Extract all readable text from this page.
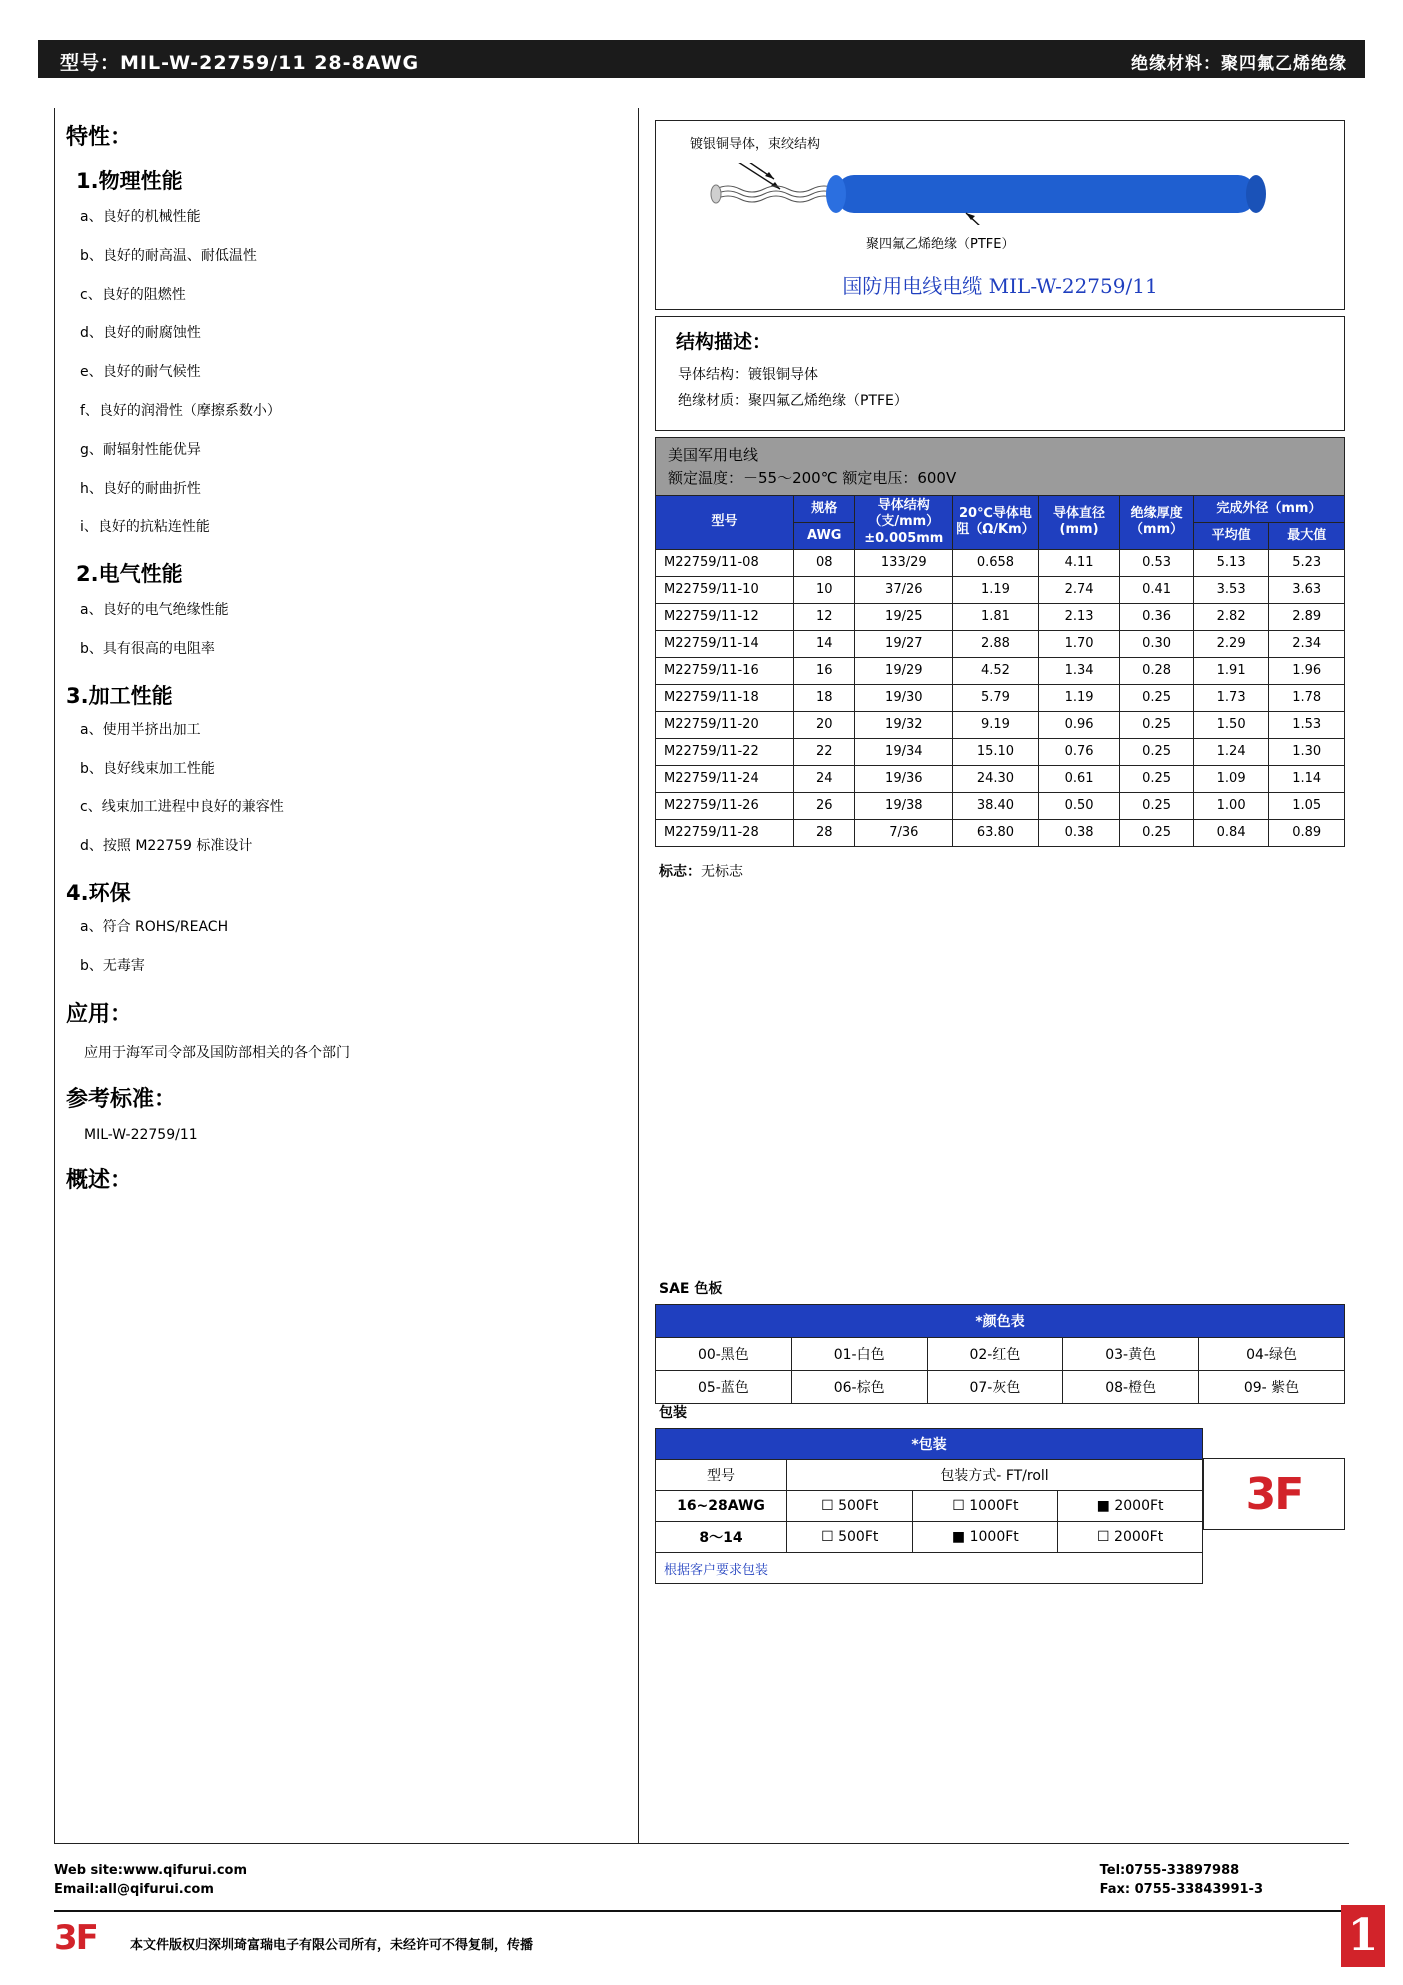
型号：MIL-W-22759/11 28-8AWG	绝缘材料：聚四氟乙烯绝缘
特性：
1.物理性能
a、良好的机械性能
b、良好的耐高温、耐低温性
c、良好的阻燃性
d、良好的耐腐蚀性
e、良好的耐气候性
f、良好的润滑性（摩擦系数小）
g、耐辐射性能优异
h、良好的耐曲折性
i、良好的抗粘连性能
2.电气性能
a、良好的电气绝缘性能
b、具有很高的电阻率
3.加工性能
a、使用半挤出加工
b、良好线束加工性能
c、线束加工进程中良好的兼容性
d、按照 M22759 标准设计
4.环保
a、符合 ROHS/REACH
b、无毒害
应用：
应用于海军司令部及国防部相关的各个部门
参考标准：
MIL-W-22759/11
概述：
镀银铜导体，束绞结构
聚四氟乙烯绝缘（PTFE）
国防用电线电缆 MIL-W-22759/11
结构描述：
导体结构：镀银铜导体
绝缘材质：聚四氟乙烯绝缘（PTFE）
美国军用电线
额定温度：－55～200℃ 额定电压：600V
型号	规格	导体结构（支/mm）±0.005mm	20℃导体电阻（Ω/Km）	导体直径(mm)	绝缘厚度（mm）	完成外径（mm）	
	AWG					平均值	最大值
M22759/11-08	08	133/29	0.658	4.11	0.53	5.13	5.23
M22759/11-10	10	37/26	1.19	2.74	0.41	3.53	3.63
M22759/11-12	12	19/25	1.81	2.13	0.36	2.82	2.89
M22759/11-14	14	19/27	2.88	1.70	0.30	2.29	2.34
M22759/11-16	16	19/29	4.52	1.34	0.28	1.91	1.96
M22759/11-18	18	19/30	5.79	1.19	0.25	1.73	1.78
M22759/11-20	20	19/32	9.19	0.96	0.25	1.50	1.53
M22759/11-22	22	19/34	15.10	0.76	0.25	1.24	1.30
M22759/11-24	24	19/36	24.30	0.61	0.25	1.09	1.14
M22759/11-26	26	19/38	38.40	0.50	0.25	1.00	1.05
M22759/11-28	28	7/36	63.80	0.38	0.25	0.84	0.89
标志：无标志
SAE 色板
*颜色表				
00-黑色	01-白色	02-红色	03-黄色	04-绿色
05-蓝色	06-棕色	07-灰色	08-橙色	09- 紫色
包装
*包装			
型号	包装方式- FT/roll		
16~28AWG	☐ 500Ft	☐ 1000Ft	■ 2000Ft
8～14	☐ 500Ft	■ 1000Ft	☐ 2000Ft
根据客户要求包装			
3F
Web site:www.qifurui.com
Email:all@qifurui.com
Tel:0755-33897988
Fax: 0755-33843991-3
3F	本文件版权归深圳琦富瑞电子有限公司所有，未经许可不得复制，传播	1
